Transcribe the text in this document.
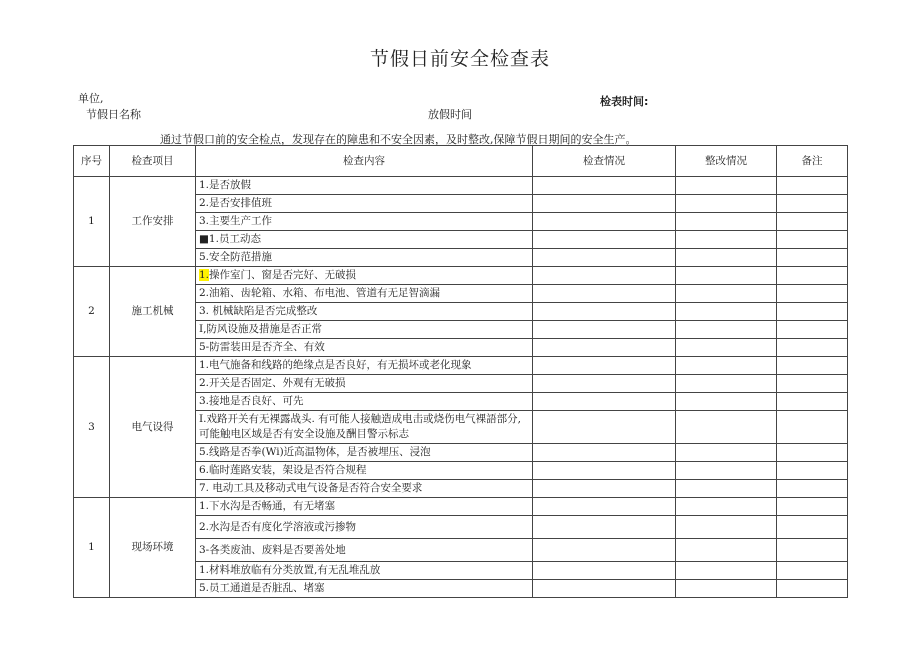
节假日前安全检查表
单位,	检表时间:
节假日名称	放假时间
通过节假口前的安全检点，发现存在的障患和不安全因素，及时整改,保障节假日期间的安全生产。
序号	检查项目	检查内容	检查情况	整改情况	备注
1	工作安排	1.是否放假			
		2.是否安排值班			
		3.主要生产工作			
		■1.员工动态			
		5.安全防范措施			
2	施工机械	1.操作室门、窗是否完好、无破损			
		2.油箱、齿轮箱、水箱、布电池、管道有无足智滴漏			
		3. 机械缺陷是否完成整改			
		I,防风设施及措施是否正常			
		5-防雷装田是否齐全、有效			
3	电气设得	1.电气施备和线路的绝缘点是否良好，有无损坏或老化现象			
		2.开关是否固定、外观有无破损			
		3.接地是否良好、可先			
		I.戏路开关有无裸露战头. 有可能人接触造成电击或烧伤电气裸語部分,可能触电区域是否有安全设施及酬目警示标志			
		5.线路是否拳(Wi)近高温物体，是否被埋压、浸泡			
		6.临时莲路安装，架设是否符合规程			
		7. 电动工具及移动式电气设备是否符合安全要求			
1	现场环境	1.下水沟是否畅通，有无堵塞			
		2.水沟是否有度化学溶液或污掺物			
		3-各类废油、废料是否要善处地			
		1.材料堆放临有分类放置,有无乱堆乱放			
		5.员工通道是否脏乱、堵塞			
